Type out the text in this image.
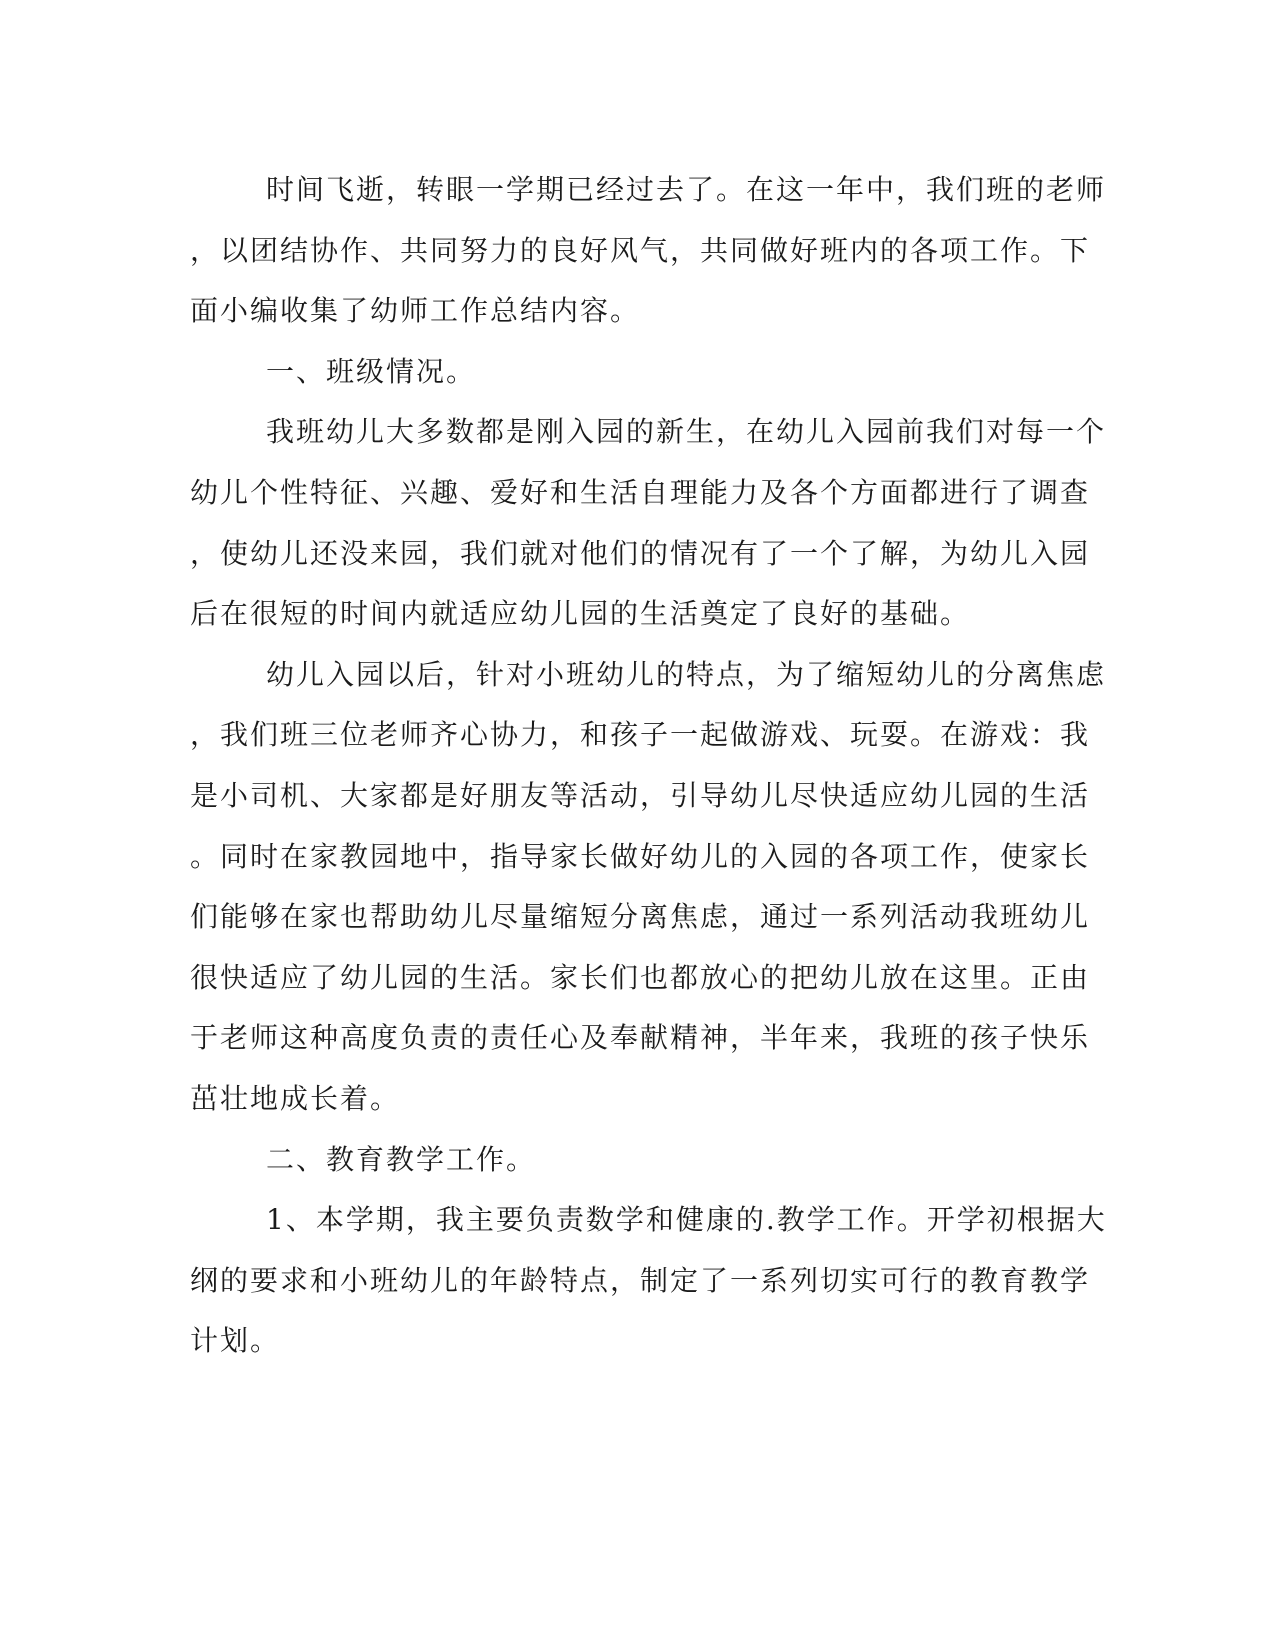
时间飞逝，转眼一学期已经过去了。在这一年中，我们班的老师
，以团结协作、共同努力的良好风气，共同做好班内的各项工作。下
面小编收集了幼师工作总结内容。
一、班级情况。
我班幼儿大多数都是刚入园的新生，在幼儿入园前我们对每一个
幼儿个性特征、兴趣、爱好和生活自理能力及各个方面都进行了调查
，使幼儿还没来园，我们就对他们的情况有了一个了解，为幼儿入园
后在很短的时间内就适应幼儿园的生活奠定了良好的基础。
幼儿入园以后，针对小班幼儿的特点，为了缩短幼儿的分离焦虑
，我们班三位老师齐心协力，和孩子一起做游戏、玩耍。在游戏：我
是小司机、大家都是好朋友等活动，引导幼儿尽快适应幼儿园的生活
。同时在家教园地中，指导家长做好幼儿的入园的各项工作，使家长
们能够在家也帮助幼儿尽量缩短分离焦虑，通过一系列活动我班幼儿
很快适应了幼儿园的生活。家长们也都放心的把幼儿放在这里。正由
于老师这种高度负责的责任心及奉献精神，半年来，我班的孩子快乐
茁壮地成长着。
二、教育教学工作。
1、本学期，我主要负责数学和健康的.教学工作。开学初根据大
纲的要求和小班幼儿的年龄特点，制定了一系列切实可行的教育教学
计划。
